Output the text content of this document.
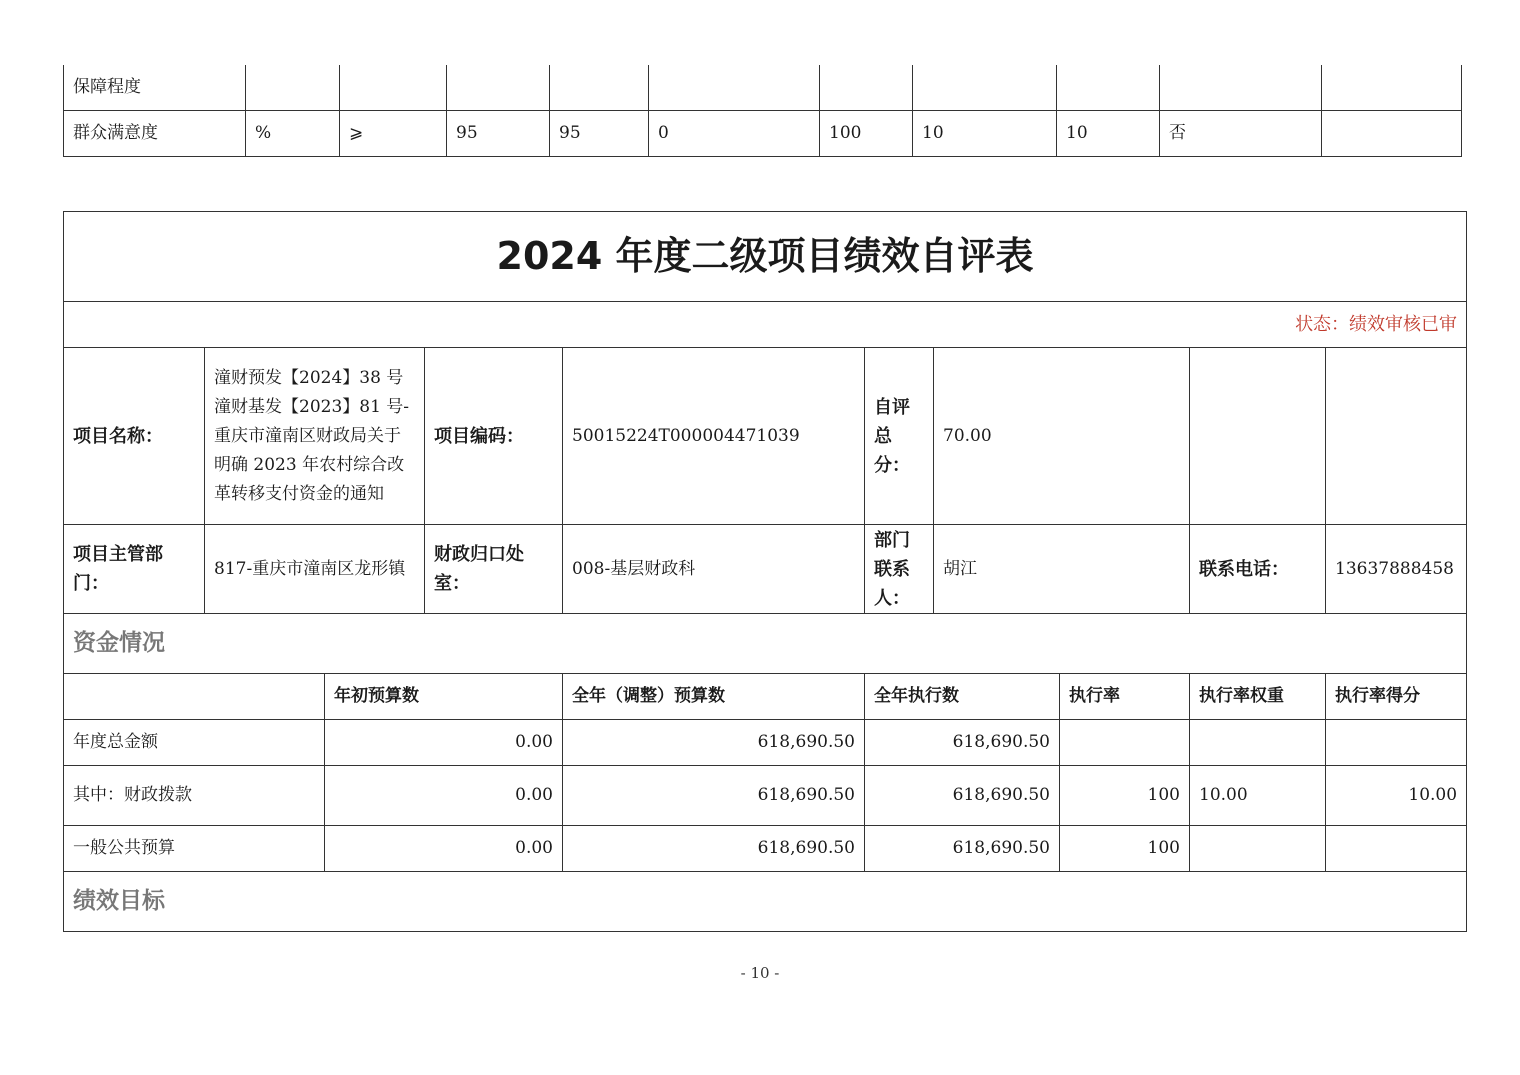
保障程度										
群众满意度	%	⩾	95	95	0	100	10	10	否	
2024 年度二级项目绩效自评表									
状态：绩效审核已审									
项目名称：	潼财预发【2024】38 号潼财基发【2023】81 号-重庆市潼南区财政局关于明确 2023 年农村综合改革转移支付资金的通知		项目编码：	50015224T000004471039	自评总分：	70.00			
项目主管部门：	817-重庆市潼南区龙形镇		财政归口处室：	008-基层财政科	部门联系人：	胡江		联系电话：	13637888458
资金情况									
		年初预算数		全年（调整）预算数	全年执行数		执行率	执行率权重	执行率得分
年度总金额		0.00		618,690.50	618,690.50				

其中：财政拨款		0.00		618,690.50	618,690.50		100	10.00	10.00
一般公共预算		0.00		618,690.50	618,690.50		100		
绩效目标									
- 10 -
